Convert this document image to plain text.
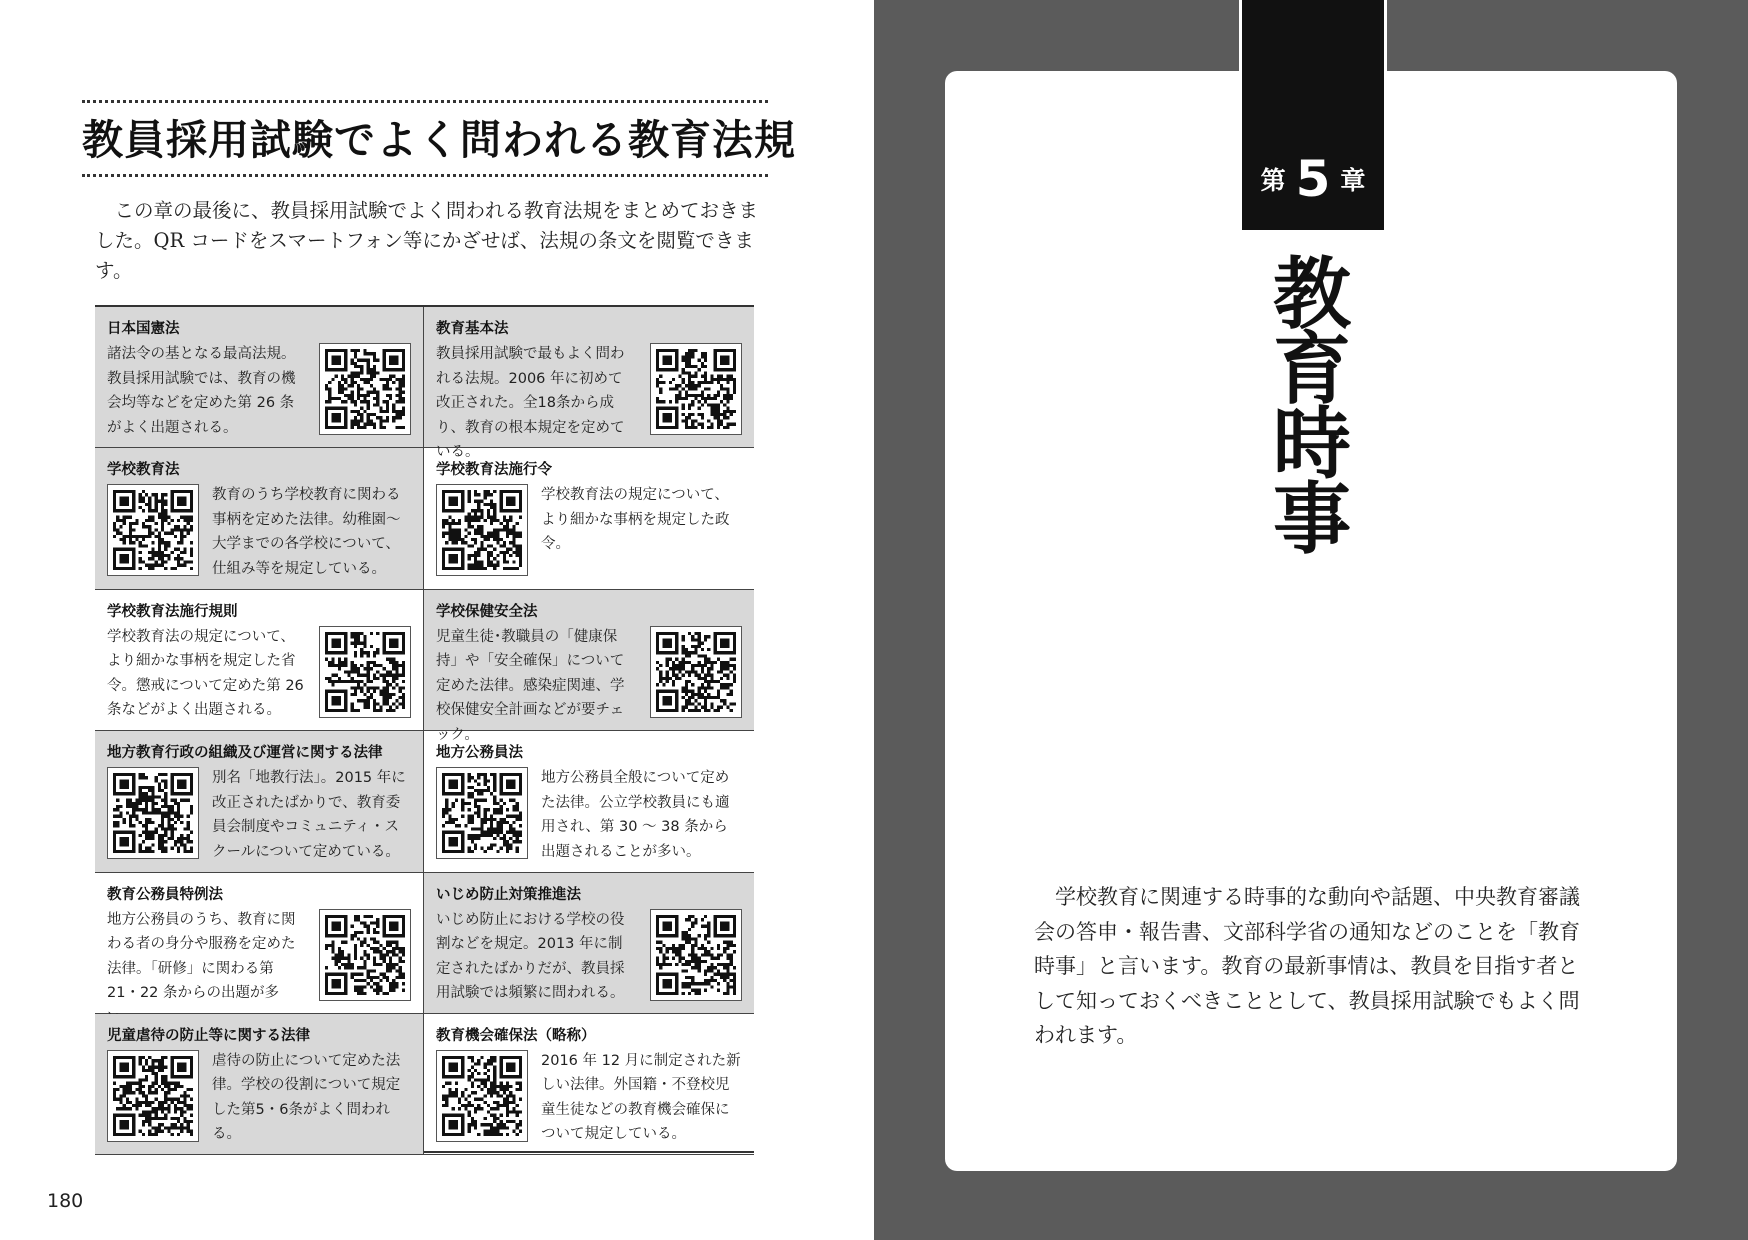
教員採用試験でよく問われる教育法規

この章の最後に、教員採用試験でよく問われる教育法規をまとめておきました。QR コードをスマートフォン等にかざせば、法規の条文を閲覧できます。

日本国憲法
諸法令の基となる最高法規。教員採用試験では、教育の機会均等などを定めた第 26 条がよく出題される。
教育基本法
教員採用試験で最もよく問われる法規。2006 年に初めて改正された。全18条から成り、教育の根本規定を定めている。
学校教育法
教育のうち学校教育に関わる事柄を定めた法律。幼稚園～大学までの各学校について、仕組み等を規定している。
学校教育法施行令
学校教育法の規定について、より細かな事柄を規定した政令。
学校教育法施行規則
学校教育法の規定について、より細かな事柄を規定した省令。懲戒について定めた第 26 条などがよく出題される。
学校保健安全法
児童生徒･教職員の「健康保持」や「安全確保」について定めた法律。感染症関連、学校保健安全計画などが要チェック。
地方教育行政の組織及び運営に関する法律
別名「地教行法」。2015 年に改正されたばかりで、教育委員会制度やコミュニティ・スクールについて定めている。
地方公務員法
地方公務員全般について定めた法律。公立学校教員にも適用され、第 30 ～ 38 条から出題されることが多い。
教育公務員特例法
地方公務員のうち、教育に関わる者の身分や服務を定めた法律。「研修」に関わる第 21・22 条からの出題が多
いじめ防止対策推進法
いじめ防止における学校の役割などを規定。2013 年に制定されたばかりだが、教員採用試験では頻繁に問われる。
児童虐待の防止等に関する法律
虐待の防止について定めた法律。学校の役割について規定した第5・6条がよく問われる。
教育機会確保法（略称）
2016 年 12 月に制定された新しい法律。外国籍・不登校児童生徒などの教育機会確保について規定している。
180
第 5 章
教育時事

学校教育に関連する時事的な動向や話題、中央教育審議会の答申・報告書、文部科学省の通知などのことを「教育時事」と言います。教育の最新事情は、教員を目指す者として知っておくべきこととして、教員採用試験でもよく問われます。
